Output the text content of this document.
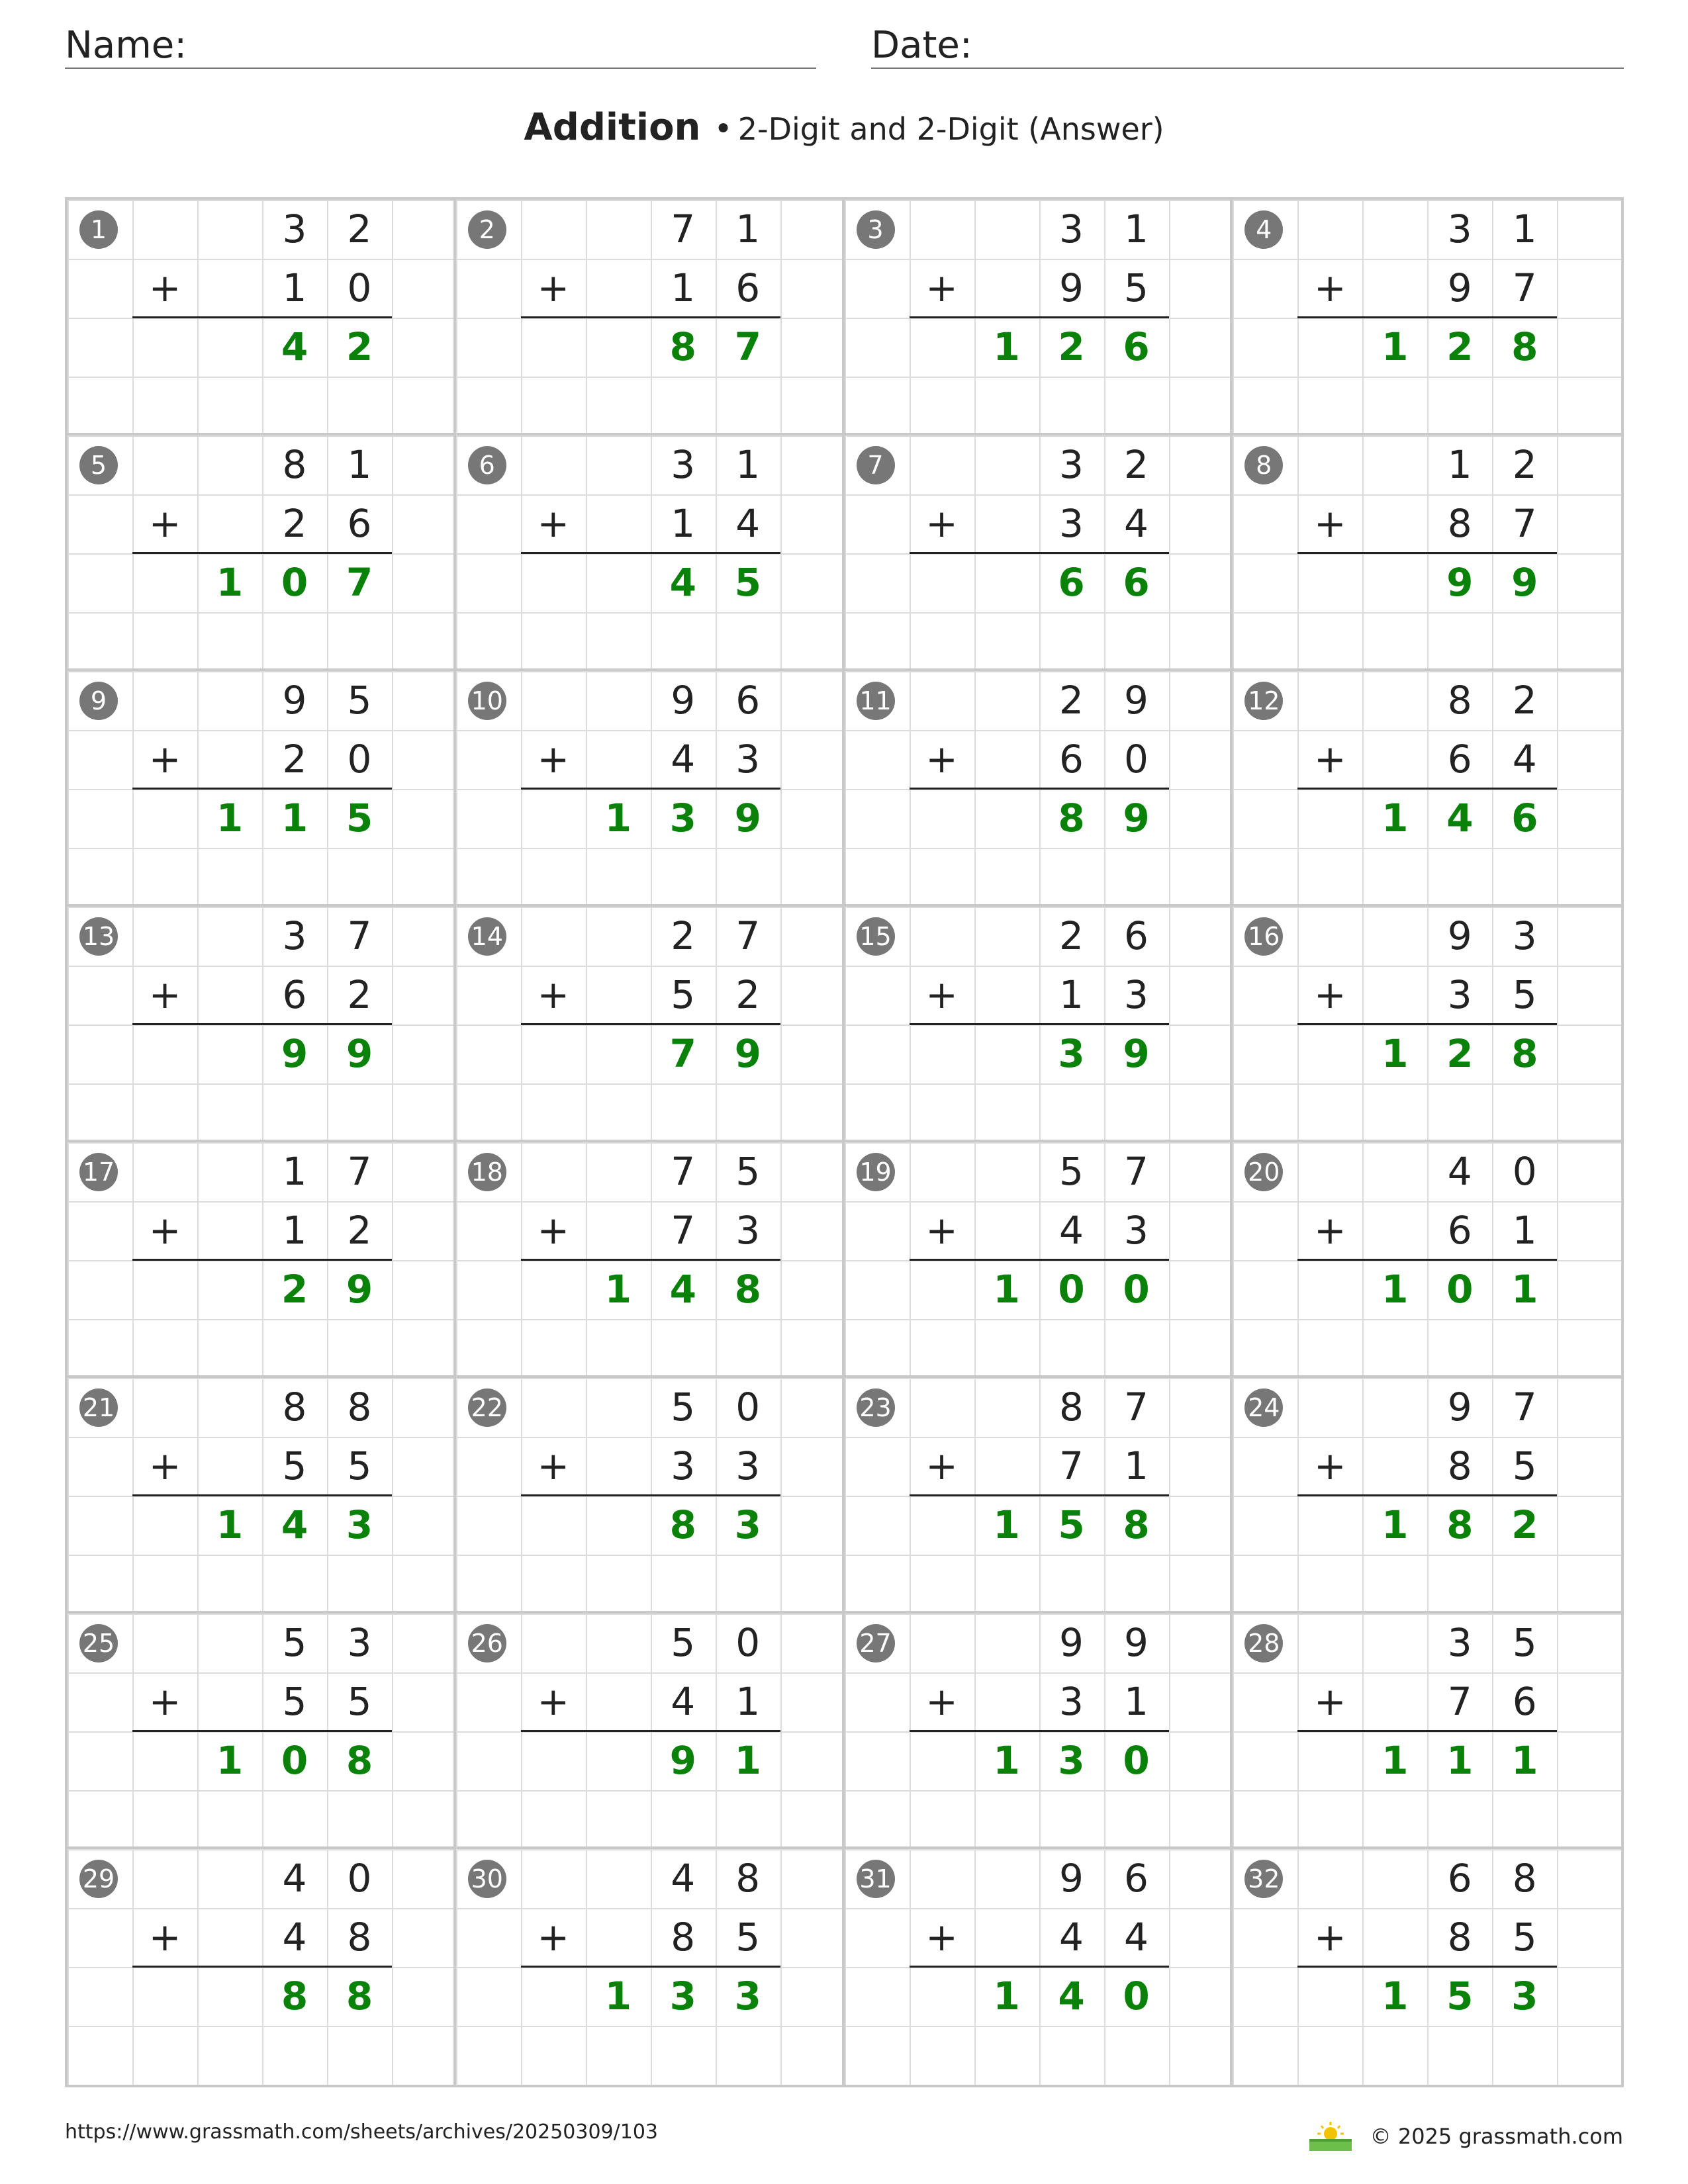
Name:	Date:
Addition • 2-Digit and 2-Digit (Answer)
1	3	2
+	1	0
4 2
2	7	1
+	1	6
8 7
3	3	1
+	9	5
1 2 6
4	3	1
+	9	7
1 2 8
5	8	1
+	2	6
1 0 7
6	3	1
+	1	4
4 5
7	3	2
+	3	4
6 6
8	1	2
+	8	7
9 9
9	9	5
+	2	0
1 1 5
10	9	6
+	4	3
1 3 9
11	2	9
+	6	0
8 9
12	8	2
+	6	4
1 4 6
13	3	7
+	6	2
9 9
14	2	7
+	5	2
7 9
15	2	6
+	1	3
3 9
16	9	3
+	3	5
1 2 8
17	1	7
+	1	2
2 9
18	7	5
+	7	3
1 4 8
19	5	7
+	4	3
1 0 0
20	4	0
+	6	1
1 0 1
21	8	8
+	5	5
1 4 3
22	5	0
+	3	3
8 3
23	8	7
+	7	1
1 5 8
24	9	7
+	8	5
1 8 2
25	5	3
+	5	5
1 0 8
26	5	0
+	4	1
9 1
27	9	9
+	3	1
1 3 0
28	3	5
+	7	6
1 1 1
29	4	0
+	4	8
8 8
30	4	8
+	8	5
1 3 3
31	9	6
+	4	4
1 4 0
32	6	8
+	8	5
1 5 3
https://www.grassmath.com/sheets/archives/20250309/103	© 2025 grassmath.com
